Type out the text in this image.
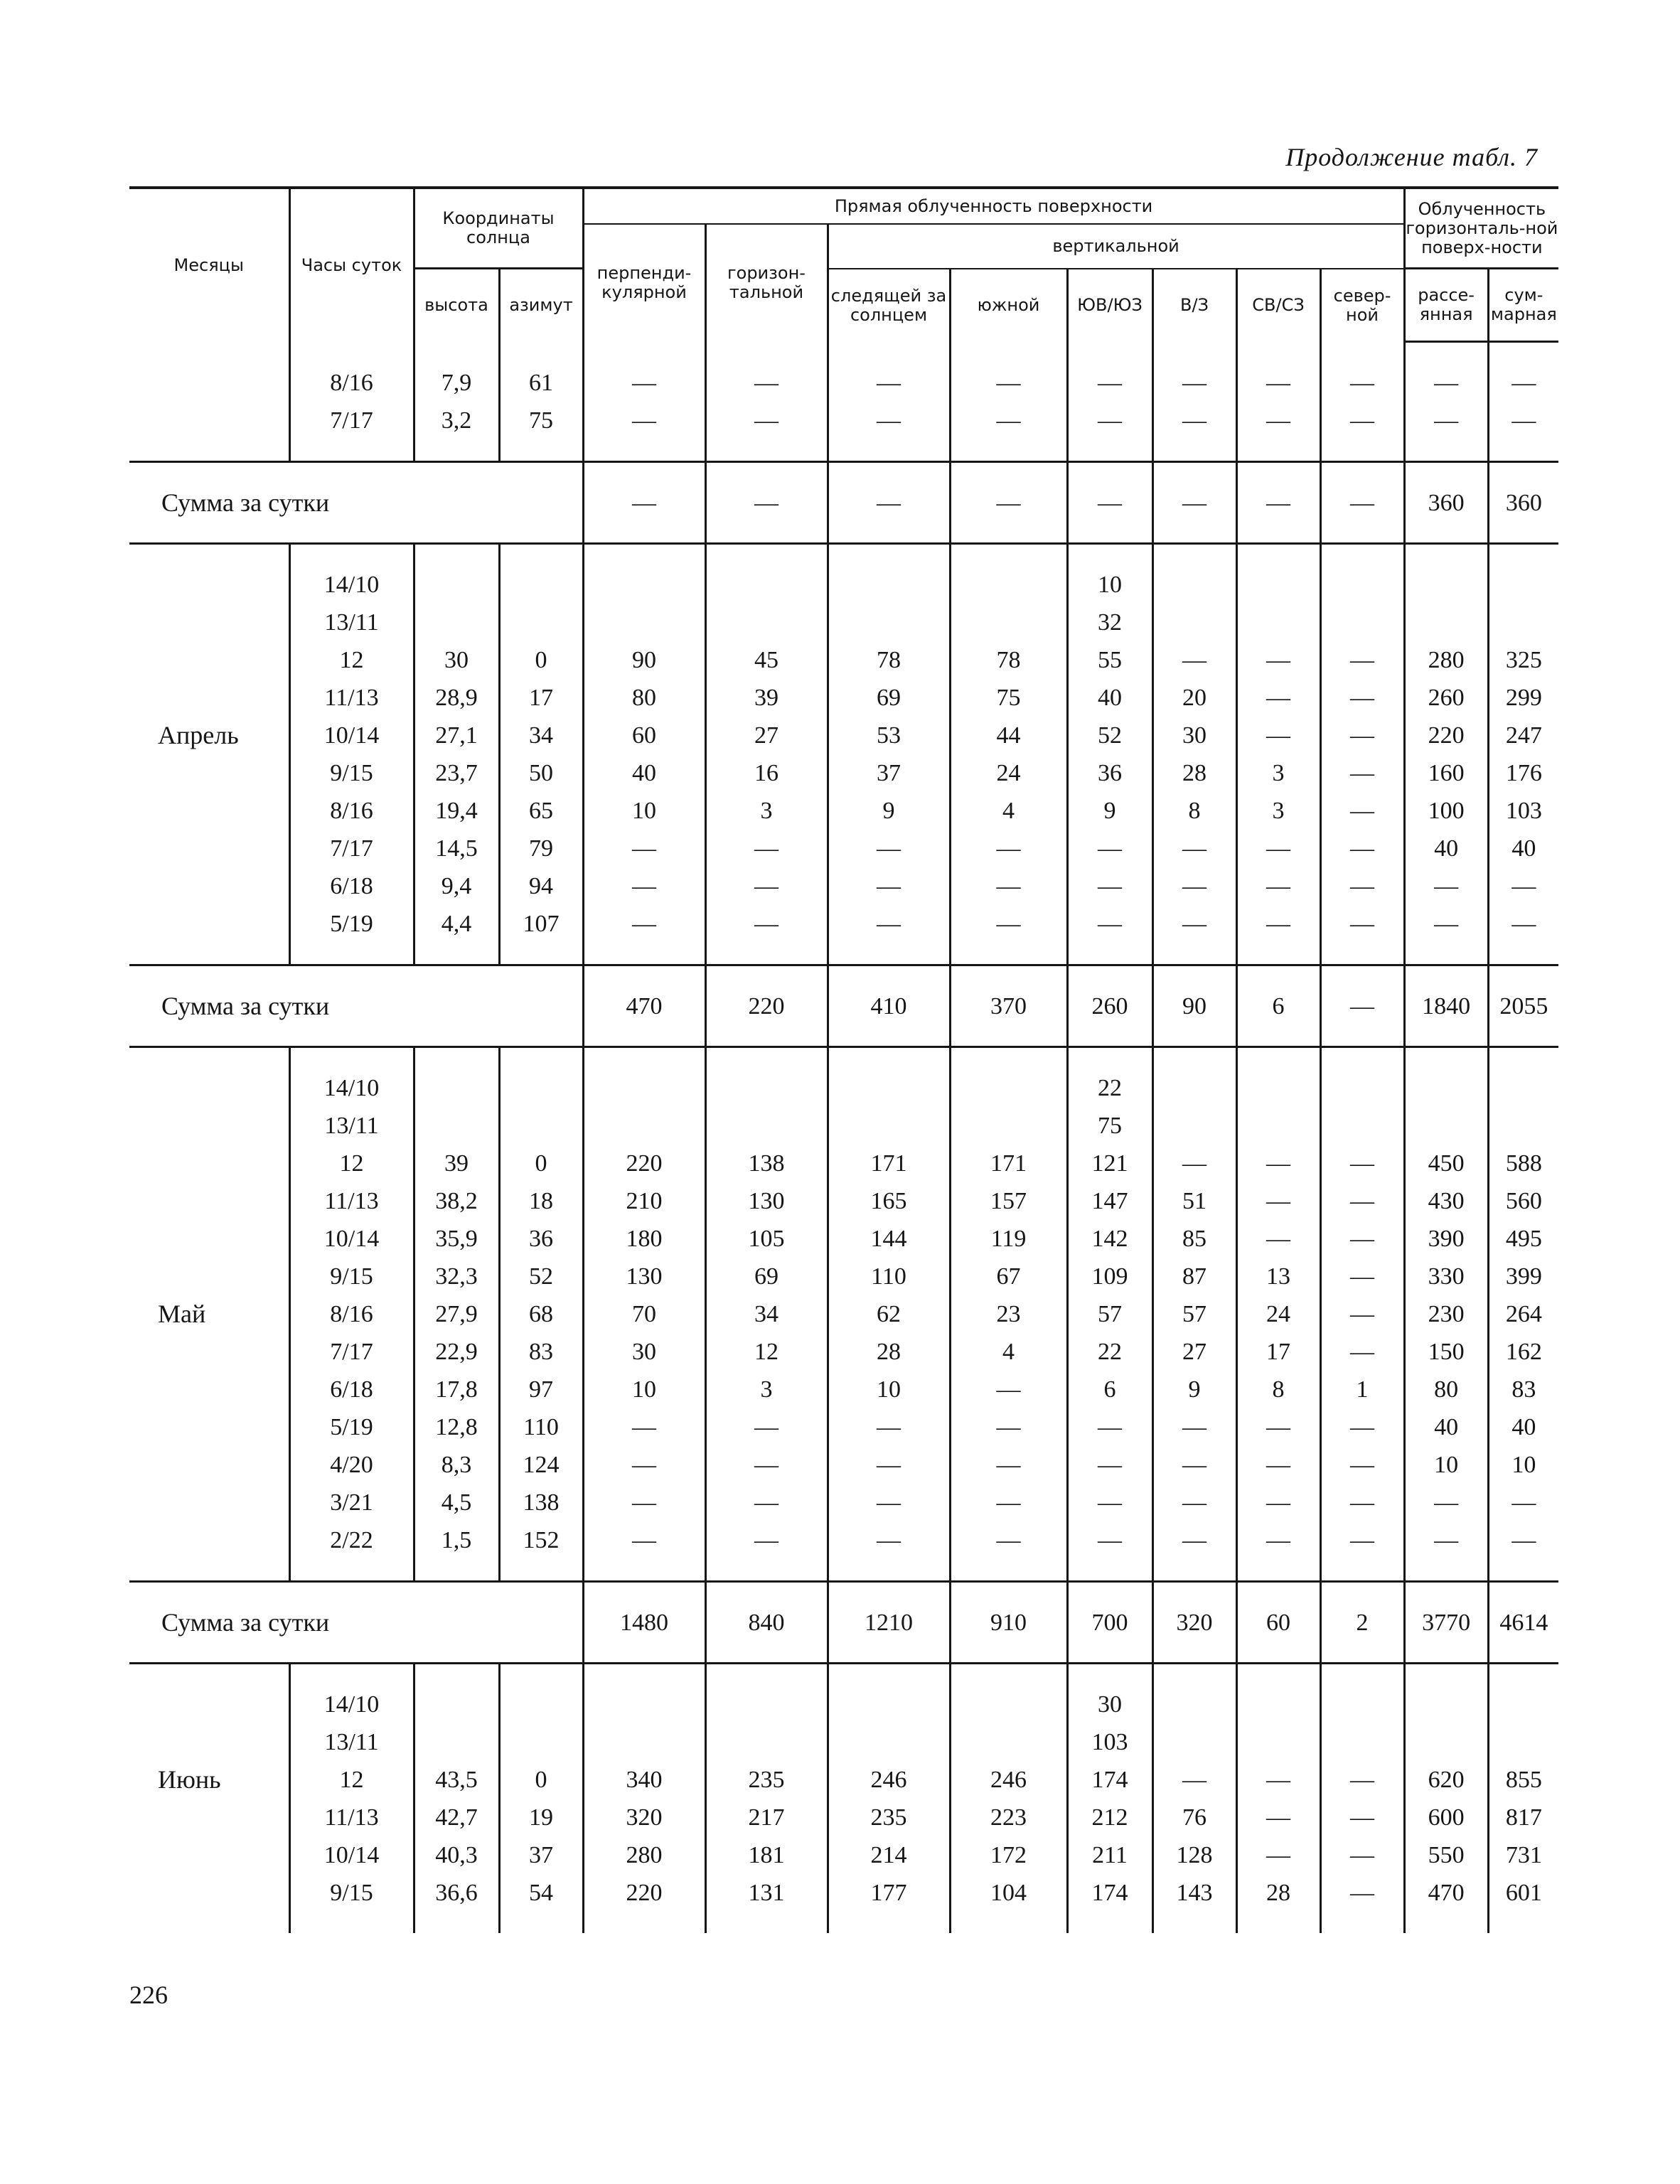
Продолжение табл. 7
Месяцы	Часы суток	Координаты солнца		Прямая облученность поверхности								Облученность горизонталь-ной поверх-ности	
				перпенди-кулярной	горизон-тальной	вертикальной							
		высота	азимут			следящей за солнцем	южной	ЮВ/ЮЗ	В/З	СВ/СЗ	север-ной		
												рассе-янная	сум-марная

	8/16	7,9	61	—	—	—	—	—	—	—	—	—	—
	7/17	3,2	75	—	—	—	—	—	—	—	—	—	—

Сумма за сутки				—	—	—	—	—	—	—	—	360	360

	14/10							10					
	13/11							32					
	12	30	0	90	45	78	78	55	—	—	—	280	325
	11/13	28,9	17	80	39	69	75	40	20	—	—	260	299
Апрель	10/14	27,1	34	60	27	53	44	52	30	—	—	220	247
	9/15	23,7	50	40	16	37	24	36	28	3	—	160	176
	8/16	19,4	65	10	3	9	4	9	8	3	—	100	103
	7/17	14,5	79	—	—	—	—	—	—	—	—	40	40
	6/18	9,4	94	—	—	—	—	—	—	—	—	—	—
	5/19	4,4	107	—	—	—	—	—	—	—	—	—	—

Сумма за сутки				470	220	410	370	260	90	6	—	1840	2055

	14/10							22					
	13/11							75					
	12	39	0	220	138	171	171	121	—	—	—	450	588
	11/13	38,2	18	210	130	165	157	147	51	—	—	430	560
	10/14	35,9	36	180	105	144	119	142	85	—	—	390	495
	9/15	32,3	52	130	69	110	67	109	87	13	—	330	399
Май	8/16	27,9	68	70	34	62	23	57	57	24	—	230	264
	7/17	22,9	83	30	12	28	4	22	27	17	—	150	162
	6/18	17,8	97	10	3	10	—	6	9	8	1	80	83
	5/19	12,8	110	—	—	—	—	—	—	—	—	40	40
	4/20	8,3	124	—	—	—	—	—	—	—	—	10	10
	3/21	4,5	138	—	—	—	—	—	—	—	—	—	—
	2/22	1,5	152	—	—	—	—	—	—	—	—	—	—

Сумма за сутки				1480	840	1210	910	700	320	60	2	3770	4614

	14/10							30					
	13/11							103					
Июнь	12	43,5	0	340	235	246	246	174	—	—	—	620	855
	11/13	42,7	19	320	217	235	223	212	76	—	—	600	817
	10/14	40,3	37	280	181	214	172	211	128	—	—	550	731
	9/15	36,6	54	220	131	177	104	174	143	28	—	470	601

226
